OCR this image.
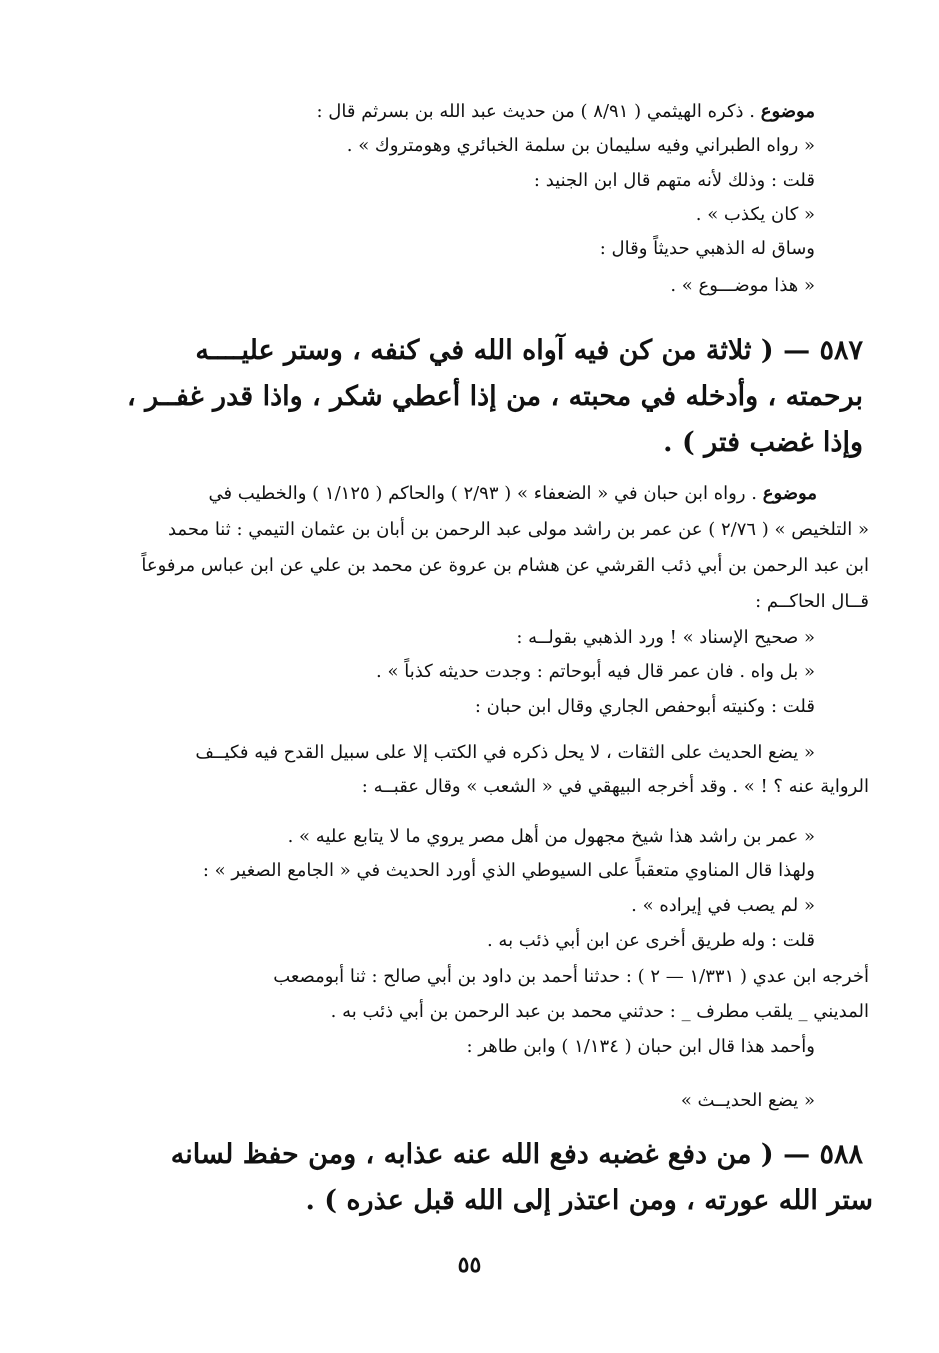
موضوع . ذكره الهيثمي ( ٨/٩١ ) من حديث عبد الله بن بسرثم قال :
« رواه الطبراني وفيه سليمان بن سلمة الخبائري وهومتروك » .
قلت : وذلك لأنه متهم قال ابن الجنيد :
« كان يكذب » .
وساق له الذهبي حديثاً وقال :
« هذا موضـــوع » .
٥٨٧ — ( ثلاثة من كن فيه آواه الله في كنفه ، وستر عليــــه
برحمته ، وأدخله في محبته ، من إذا أعطي شكر ، واذا قدر غفــر ،
وإذا غضب فتر ) .
موضوع . رواه ابن حبان في « الضعفاء » ( ٢/٩٣ ) والحاكم ( ١/١٢٥ ) والخطيب في
« التلخيص » ( ٢/٧٦ ) عن عمر بن راشد مولى عبد الرحمن بن أبان بن عثمان التيمي : ثنا محمد
ابن عبد الرحمن بن أبي ذئب القرشي عن هشام بن عروة عن محمد بن علي عن ابن عباس مرفوعاً
قــال الحاكــم :
« صحيح الإسناد » ! ورد الذهبي بقولــه :
« بل واه . فان عمر قال فيه أبوحاتم : وجدت حديثه كذباً » .
قلت : وكنيته أبوحفص الجاري وقال ابن حبان :
« يضع الحديث على الثقات ، لا يحل ذكره في الكتب إلا على سبيل القدح فيه فكيــف
الرواية عنه ؟ ! » . وقد أخرجه البيهقي في « الشعب » وقال عقبــه :
« عمر بن راشد هذا شيخ مجهول من أهل مصر يروي ما لا يتابع عليه » .
ولهذا قال المناوي متعقباً على السيوطي الذي أورد الحديث في « الجامع الصغير » :
« لم يصب في إيراده » .
قلت : وله طريق أخرى عن ابن أبي ذئب به .
أخرجه ابن عدي ( ١/٣٣١ — ٢ ) : حدثنا أحمد بن داود بن أبي صالح : ثنا أبومصعب
المديني _ يلقب مطرف _ : حدثني محمد بن عبد الرحمن بن أبي ذئب به .
وأحمد هذا قال ابن حبان ( ١/١٣٤ ) وابن طاهر :
« يضع الحديــث »
٥٨٨ — ( من دفع غضبه دفع الله عنه عذابه ، ومن حفظ لسانه
ستر الله عورته ، ومن اعتذر إلى الله قبل عذره ) .
٥٥
